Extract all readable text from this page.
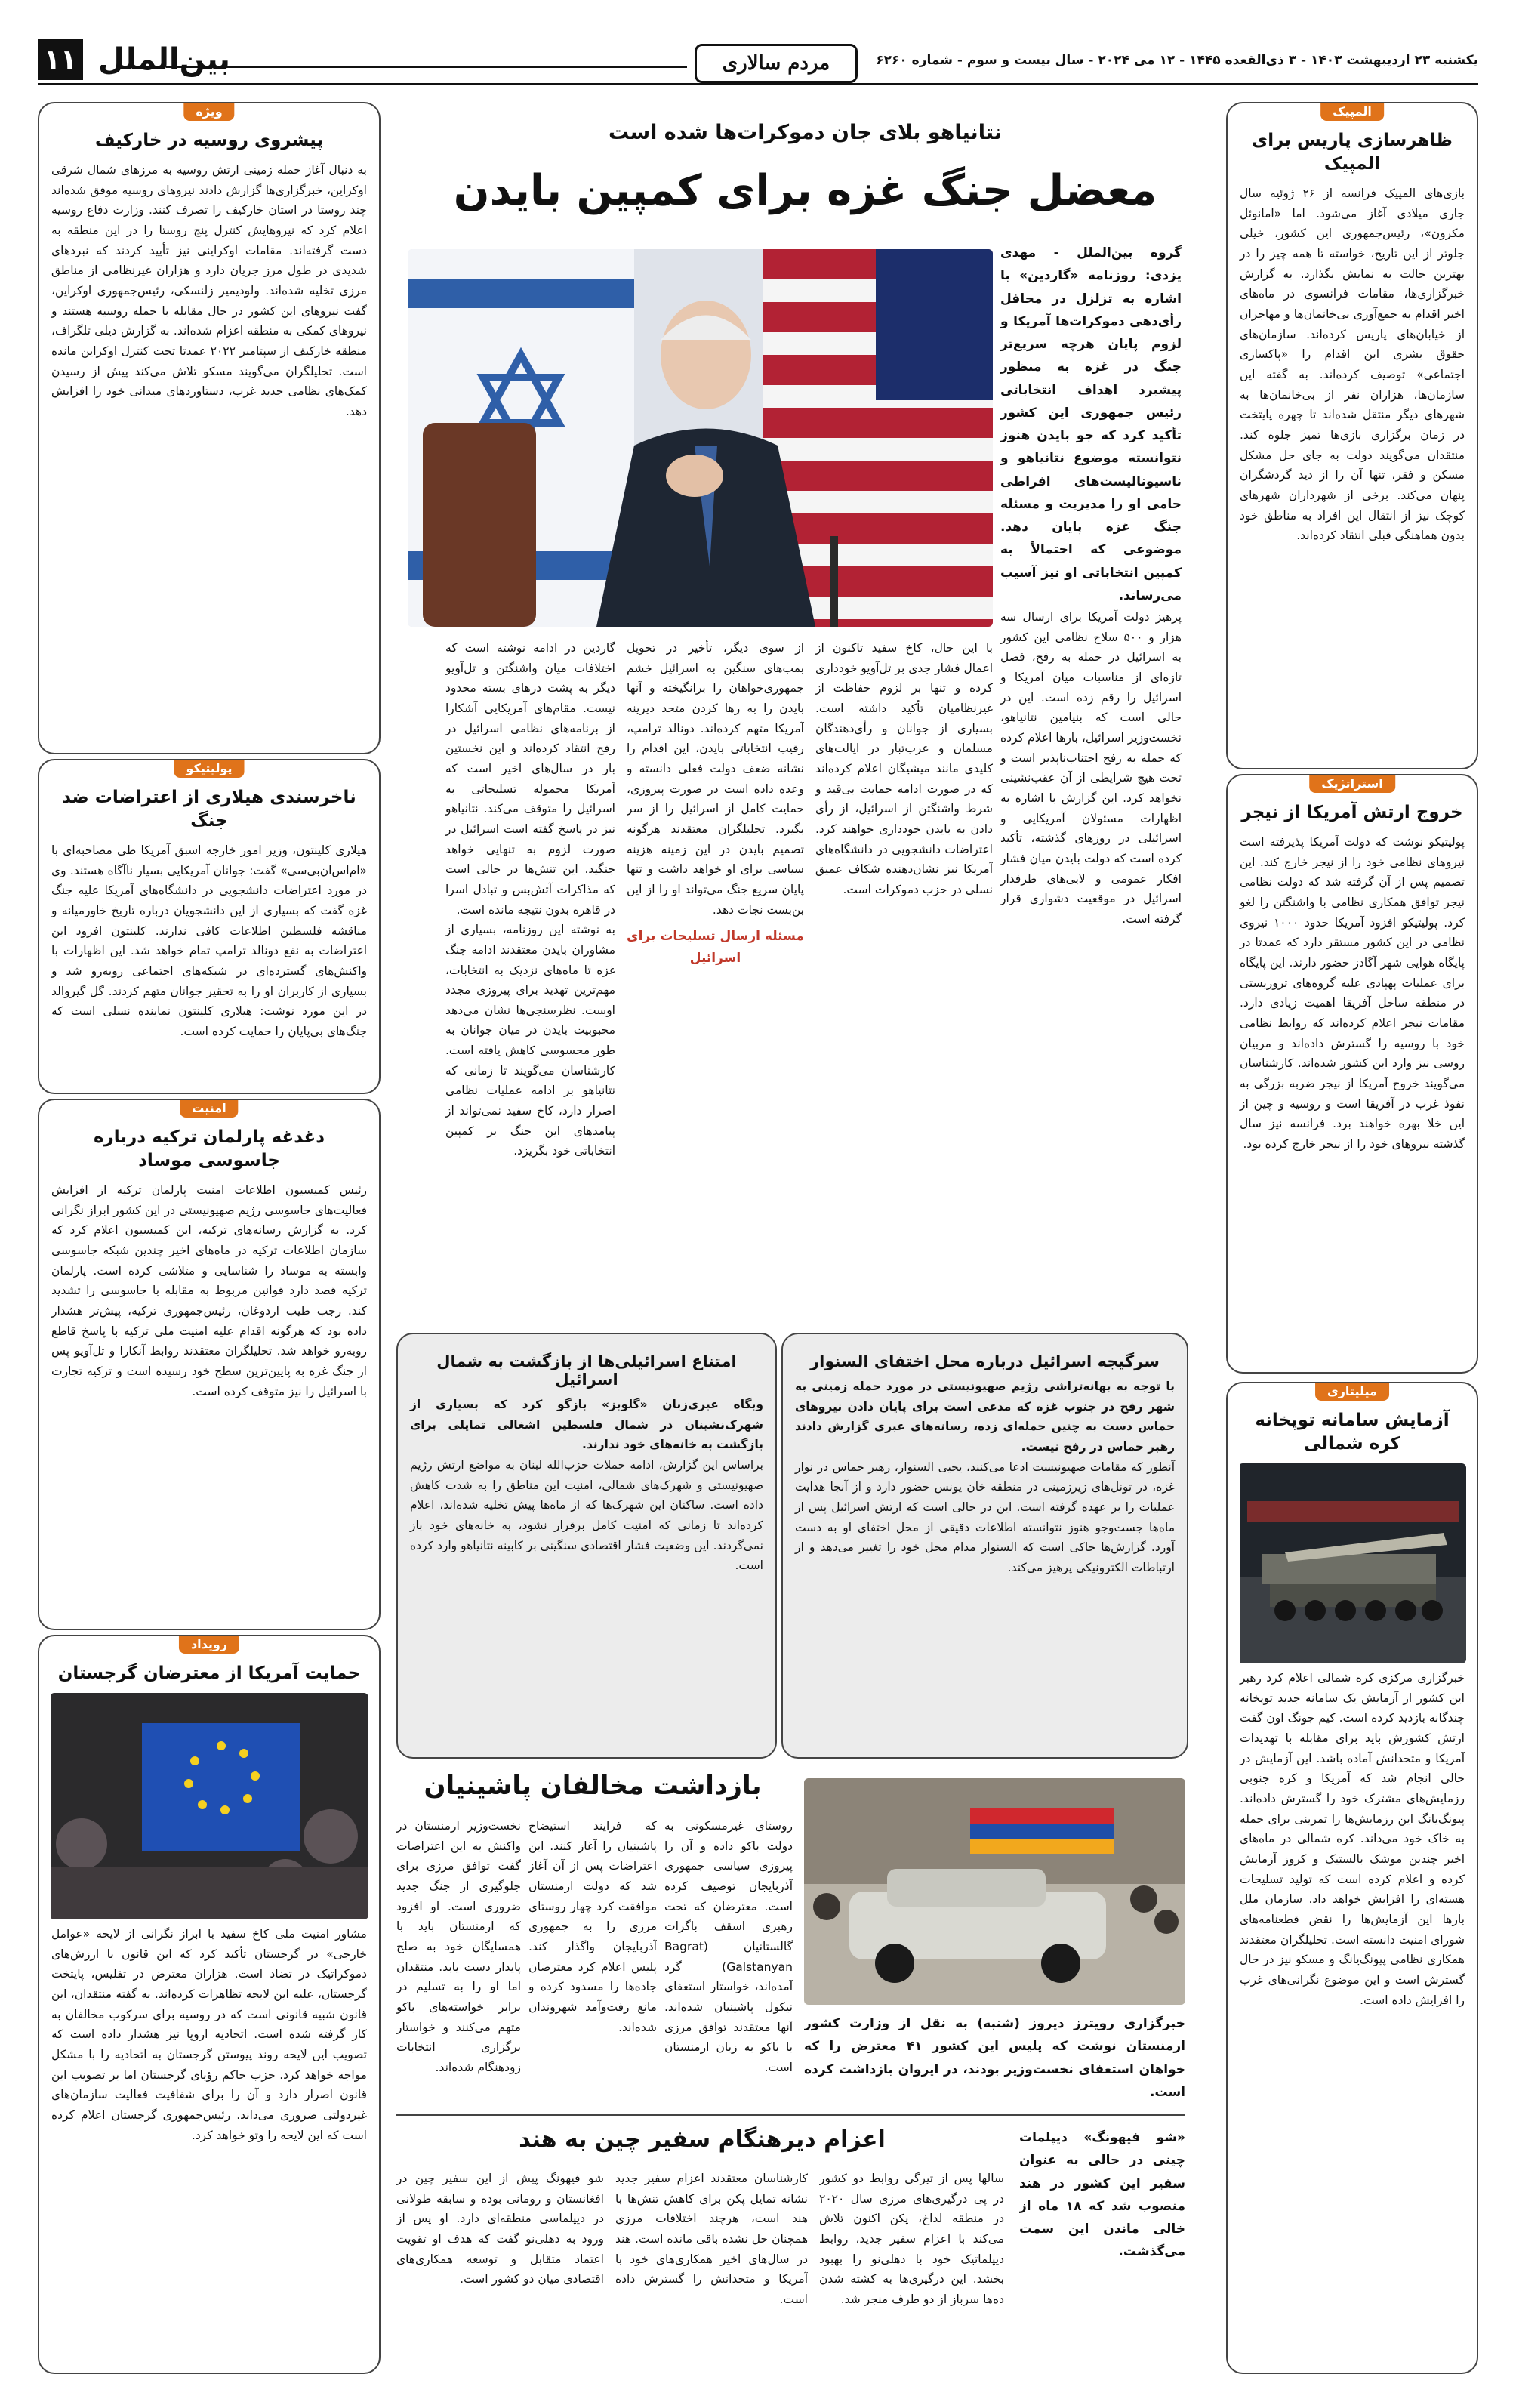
یکشنبه ۲۳ اردیبهشت ۱۴۰۳ - ۳ ذی‌القعده ۱۴۴۵ - ۱۲ می ۲۰۲۴ - سال بیست و سوم - شماره ۶۲۶۰
مردم سالاری
بین‌الملل
۱۱
المپیک
ظاهرسازی پاریس برای المپیک
بازی‌های المپیک فرانسه از ۲۶ ژوئیه سال جاری میلادی آغاز می‌شود. اما «امانوئل مکرون»، رئیس‌جمهوری این کشور، خیلی جلوتر از این تاریخ، خواسته تا همه چیز را در بهترین حالت به نمایش بگذارد. به گزارش خبرگزاری‌ها، مقامات فرانسوی در ماه‌های اخیر اقدام به جمع‌آوری بی‌خانمان‌ها و مهاجران از خیابان‌های پاریس کرده‌اند. سازمان‌های حقوق بشری این اقدام را «پاکسازی اجتماعی» توصیف کرده‌اند. به گفته این سازمان‌ها، هزاران نفر از بی‌خانمان‌ها به شهرهای دیگر منتقل شده‌اند تا چهره پایتخت در زمان برگزاری بازی‌ها تمیز جلوه کند. منتقدان می‌گویند دولت به جای حل مشکل مسکن و فقر، تنها آن را از دید گردشگران پنهان می‌کند. برخی از شهرداران شهرهای کوچک نیز از انتقال این افراد به مناطق خود بدون هماهنگی قبلی انتقاد کرده‌اند.
استراتژیک
خروج ارتش آمریکا از نیجر
پولیتیکو نوشت که دولت آمریکا پذیرفته است نیروهای نظامی خود را از نیجر خارج کند. این تصمیم پس از آن گرفته شد که دولت نظامی نیجر توافق همکاری نظامی با واشنگتن را لغو کرد. پولیتیکو افزود آمریکا حدود ۱۰۰۰ نیروی نظامی در این کشور مستقر دارد که عمدتا در پایگاه هوایی شهر آگادز حضور دارند. این پایگاه برای عملیات پهپادی علیه گروه‌های تروریستی در منطقه ساحل آفریقا اهمیت زیادی دارد. مقامات نیجر اعلام کرده‌اند که روابط نظامی خود با روسیه را گسترش داده‌اند و مربیان روسی نیز وارد این کشور شده‌اند. کارشناسان می‌گویند خروج آمریکا از نیجر ضربه بزرگی به نفوذ غرب در آفریقا است و روسیه و چین از این خلا بهره خواهند برد. فرانسه نیز سال گذشته نیروهای خود را از نیجر خارج کرده بود.
میلیتاری
آزمایش سامانه توپخانه کره شمالی
خبرگزاری مرکزی کره شمالی اعلام کرد رهبر این کشور از آزمایش یک سامانه جدید توپخانه چندگانه بازدید کرده است. کیم جونگ اون گفت ارتش کشورش باید برای مقابله با تهدیدات آمریکا و متحدانش آماده باشد. این آزمایش در حالی انجام شد که آمریکا و کره جنوبی رزمایش‌های مشترک خود را گسترش داده‌اند. پیونگ‌یانگ این رزمایش‌ها را تمرینی برای حمله به خاک خود می‌داند. کره شمالی در ماه‌های اخیر چندین موشک بالستیک و کروز آزمایش کرده و اعلام کرده است که تولید تسلیحات هسته‌ای را افزایش خواهد داد. سازمان ملل بارها این آزمایش‌ها را نقض قطعنامه‌های شورای امنیت دانسته است. تحلیلگران معتقدند همکاری نظامی پیونگ‌یانگ و مسکو نیز در حال گسترش است و این موضوع نگرانی‌های غرب را افزایش داده است.
نتانیاهو بلای جان دموکرات‌ها شده است
معضل جنگ غزه برای کمپین بایدن
گروه بین‌الملل - مهدی یزدی: روزنامه «گاردین» با اشاره به تزلزل در محافل رأی‌دهی دموکرات‌ها آمریکا و لزوم پایان هرچه سریع‌تر جنگ در غزه به منظور پیشبرد اهداف انتخاباتی رئیس جمهوری این کشور تأکید کرد که جو بایدن هنوز نتوانسته موضوع نتانیاهو و ناسیونالیست‌های افراطی حامی او را مدیریت و مسئله جنگ غزه پایان دهد. موضوعی که احتمالاً به کمپین انتخاباتی او نیز آسیب می‌رساند.
پرهیز دولت آمریکا برای ارسال سه هزار و ۵۰۰ سلاح نظامی این کشور به اسرائیل در حمله به رفح، فصل تازه‌ای از مناسبات میان آمریکا و اسرائیل را رقم زده است. این در حالی است که بنیامین نتانیاهو، نخست‌وزیر اسرائیل، بارها اعلام کرده که حمله به رفح اجتناب‌ناپذیر است و تحت هیچ شرایطی از آن عقب‌نشینی نخواهد کرد. این گزارش با اشاره به اظهارات مسئولان آمریکایی و اسرائیلی در روزهای گذشته، تأکید کرده است که دولت بایدن میان فشار افکار عمومی و لابی‌های طرفدار اسرائیل در موقعیت دشواری قرار گرفته است.
با این حال، کاخ سفید تاکنون از اعمال فشار جدی بر تل‌آویو خودداری کرده و تنها بر لزوم حفاظت از غیرنظامیان تأکید داشته است. بسیاری از جوانان و رأی‌دهندگان مسلمان و عرب‌تبار در ایالت‌های کلیدی مانند میشیگان اعلام کرده‌اند که در صورت ادامه حمایت بی‌قید و شرط واشنگتن از اسرائیل، از رأی دادن به بایدن خودداری خواهند کرد. اعتراضات دانشجویی در دانشگاه‌های آمریکا نیز نشان‌دهنده شکاف عمیق نسلی در حزب دموکرات است.
از سوی دیگر، تأخیر در تحویل بمب‌های سنگین به اسرائیل خشم جمهوری‌خواهان را برانگیخته و آنها بایدن را به رها کردن متحد دیرینه آمریکا متهم کرده‌اند. دونالد ترامپ، رقیب انتخاباتی بایدن، این اقدام را نشانه ضعف دولت فعلی دانسته و وعده داده است در صورت پیروزی، حمایت کامل از اسرائیل را از سر بگیرد. تحلیلگران معتقدند هرگونه تصمیم بایدن در این زمینه هزینه سیاسی برای او خواهد داشت و تنها پایان سریع جنگ می‌تواند او را از این بن‌بست نجات دهد.
مسئله ارسال تسلیحات برای اسرائیل
گاردین در ادامه نوشته است که اختلافات میان واشنگتن و تل‌آویو دیگر به پشت درهای بسته محدود نیست. مقام‌های آمریکایی آشکارا از برنامه‌های نظامی اسرائیل در رفح انتقاد کرده‌اند و این نخستین بار در سال‌های اخیر است که آمریکا محموله تسلیحاتی به اسرائیل را متوقف می‌کند. نتانیاهو نیز در پاسخ گفته است اسرائیل در صورت لزوم به تنهایی خواهد جنگید. این تنش‌ها در حالی است که مذاکرات آتش‌بس و تبادل اسرا در قاهره بدون نتیجه مانده است.
به نوشته این روزنامه، بسیاری از مشاوران بایدن معتقدند ادامه جنگ غزه تا ماه‌های نزدیک به انتخابات، مهم‌ترین تهدید برای پیروزی مجدد اوست. نظرسنجی‌ها نشان می‌دهد محبوبیت بایدن در میان جوانان به طور محسوسی کاهش یافته است. کارشناسان می‌گویند تا زمانی که نتانیاهو بر ادامه عملیات نظامی اصرار دارد، کاخ سفید نمی‌تواند از پیامدهای این جنگ بر کمپین انتخاباتی خود بگریزد.
سرگیجه اسرائیل درباره محل اختفای السنوار
با توجه به بهانه‌تراشی رژیم صهیونیستی در مورد حمله زمینی به شهر رفح در جنوب غزه که مدعی است برای پایان دادن نیروهای حماس دست به چنین حمله‌ای زده، رسانه‌های عبری گزارش دادند رهبر حماس در رفح نیست.
آنطور که مقامات صهیونیست ادعا می‌کنند، یحیی السنوار، رهبر حماس در نوار غزه، در تونل‌های زیرزمینی در منطقه خان یونس حضور دارد و از آنجا هدایت عملیات را بر عهده گرفته است. این در حالی است که ارتش اسرائیل پس از ماه‌ها جست‌وجو هنوز نتوانسته اطلاعات دقیقی از محل اختفای او به دست آورد. گزارش‌ها حاکی است که السنوار مدام محل خود را تغییر می‌دهد و از ارتباطات الکترونیکی پرهیز می‌کند.
امتناع اسرائیلی‌ها از بازگشت به شمال اسرائیل
وبگاه عبری‌زبان «گلوبز» بازگو کرد که بسیاری از شهرک‌نشینان در شمال فلسطین اشغالی تمایلی برای بازگشت به خانه‌های خود ندارند.
براساس این گزارش، ادامه حملات حزب‌الله لبنان به مواضع ارتش رژیم صهیونیستی و شهرک‌های شمالی، امنیت این مناطق را به شدت کاهش داده است. ساکنان این شهرک‌ها که از ماه‌ها پیش تخلیه شده‌اند، اعلام کرده‌اند تا زمانی که امنیت کامل برقرار نشود، به خانه‌های خود باز نمی‌گردند. این وضعیت فشار اقتصادی سنگینی بر کابینه نتانیاهو وارد کرده است.
بازداشت مخالفان پاشینیان
خبرگزاری رویترز دیروز (شنبه) به نقل از وزارت کشور ارمنستان نوشت که پلیس این کشور ۴۱ معترض را که خواهان استعفای نخست‌وزیر بودند، در ایروان بازداشت کرده است.
روستای غیرمسکونی به دولت باکو داده و آن را پیروزی سیاسی جمهوری آذربایجان توصیف کرده است. معترضان که تحت رهبری اسقف باگرات گالستانیان (Bagrat Galstanyan) گرد آمده‌اند، خواستار استعفای نیکول پاشینیان شده‌اند. آنها معتقدند توافق مرزی با باکو به زیان ارمنستان است.
که فرایند استیضاح پاشینیان را آغاز کنند. این اعتراضات پس از آن آغاز شد که دولت ارمنستان موافقت کرد چهار روستای مرزی را به جمهوری آذربایجان واگذار کند. پلیس اعلام کرد معترضان جاده‌ها را مسدود کرده و مانع رفت‌وآمد شهروندان شده‌اند.
نخست‌وزیر ارمنستان در واکنش به این اعتراضات گفت توافق مرزی برای جلوگیری از جنگ جدید ضروری است. او افزود که ارمنستان باید با همسایگان خود به صلح پایدار دست یابد. منتقدان اما او را به تسلیم در برابر خواسته‌های باکو متهم می‌کنند و خواستار برگزاری انتخابات زودهنگام شده‌اند.
اعزام دیرهنگام سفیر چین به هند	«شو فیهونگ» دیپلمات چینی در حالی به عنوان سفیر این کشور در هند منصوب شد که ۱۸ ماه از خالی ماندن این سمت می‌گذشت.
سالها پس از تیرگی روابط دو کشور در پی درگیری‌های مرزی سال ۲۰۲۰ در منطقه لداخ، پکن اکنون تلاش می‌کند با اعزام سفیر جدید، روابط دیپلماتیک خود با دهلی‌نو را بهبود بخشد. این درگیری‌ها به کشته شدن ده‌ها سرباز از دو طرف منجر شد.
کارشناسان معتقدند اعزام سفیر جدید نشانه تمایل پکن برای کاهش تنش‌ها با هند است، هرچند اختلافات مرزی همچنان حل نشده باقی مانده است. هند در سال‌های اخیر همکاری‌های خود با آمریکا و متحدانش را گسترش داده است.
شو فیهونگ پیش از این سفیر چین در افغانستان و رومانی بوده و سابقه طولانی در دیپلماسی منطقه‌ای دارد. او پس از ورود به دهلی‌نو گفت که هدف او تقویت اعتماد متقابل و توسعه همکاری‌های اقتصادی میان دو کشور است.
ویژه
پیشروی روسیه در خارکیف
به دنبال آغاز حمله زمینی ارتش روسیه به مرزهای شمال شرقی اوکراین، خبرگزاری‌ها گزارش دادند نیروهای روسیه موفق شده‌اند چند روستا در استان خارکیف را تصرف کنند. وزارت دفاع روسیه اعلام کرد که نیروهایش کنترل پنج روستا را در این منطقه به دست گرفته‌اند. مقامات اوکراینی نیز تأیید کردند که نبردهای شدیدی در طول مرز جریان دارد و هزاران غیرنظامی از مناطق مرزی تخلیه شده‌اند. ولودیمیر زلنسکی، رئیس‌جمهوری اوکراین، گفت نیروهای این کشور در حال مقابله با حمله روسیه هستند و نیروهای کمکی به منطقه اعزام شده‌اند. به گزارش دیلی تلگراف، منطقه خارکیف از سپتامبر ۲۰۲۲ عمدتا تحت کنترل اوکراین مانده است. تحلیلگران می‌گویند مسکو تلاش می‌کند پیش از رسیدن کمک‌های نظامی جدید غرب، دستاوردهای میدانی خود را افزایش دهد.
پولیتیکو
ناخرسندی هیلاری از اعتراضات ضد جنگ
هیلاری کلینتون، وزیر امور خارجه اسبق آمریکا طی مصاحبه‌ای با «ام‌اس‌ان‌بی‌سی» گفت: جوانان آمریکایی بسیار ناآگاه هستند. وی در مورد اعتراضات دانشجویی در دانشگاه‌های آمریکا علیه جنگ غزه گفت که بسیاری از این دانشجویان درباره تاریخ خاورمیانه و مناقشه فلسطین اطلاعات کافی ندارند. کلینتون افزود این اعتراضات به نفع دونالد ترامپ تمام خواهد شد. این اظهارات با واکنش‌های گسترده‌ای در شبکه‌های اجتماعی روبه‌رو شد و بسیاری از کاربران او را به تحقیر جوانان متهم کردند. گل گیروالد در این مورد نوشت: هیلاری کلینتون نماینده نسلی است که جنگ‌های بی‌پایان را حمایت کرده است.
امنیت
دغدغه پارلمان ترکیه درباره جاسوسی موساد
رئیس کمیسیون اطلاعات امنیت پارلمان ترکیه از افزایش فعالیت‌های جاسوسی رژیم صهیونیستی در این کشور ابراز نگرانی کرد. به گزارش رسانه‌های ترکیه، این کمیسیون اعلام کرد که سازمان اطلاعات ترکیه در ماه‌های اخیر چندین شبکه جاسوسی وابسته به موساد را شناسایی و متلاشی کرده است. پارلمان ترکیه قصد دارد قوانین مربوط به مقابله با جاسوسی را تشدید کند. رجب طیب اردوغان، رئیس‌جمهوری ترکیه، پیش‌تر هشدار داده بود که هرگونه اقدام علیه امنیت ملی ترکیه با پاسخ قاطع روبه‌رو خواهد شد. تحلیلگران معتقدند روابط آنکارا و تل‌آویو پس از جنگ غزه به پایین‌ترین سطح خود رسیده است و ترکیه تجارت با اسرائیل را نیز متوقف کرده است.
رویداد
حمایت آمریکا از معترضان گرجستان
مشاور امنیت ملی کاخ سفید با ابراز نگرانی از لایحه «عوامل خارجی» در گرجستان تأکید کرد که این قانون با ارزش‌های دموکراتیک در تضاد است. هزاران معترض در تفلیس، پایتخت گرجستان، علیه این لایحه تظاهرات کرده‌اند. به گفته منتقدان، این قانون شبیه قانونی است که در روسیه برای سرکوب مخالفان به کار گرفته شده است. اتحادیه اروپا نیز هشدار داده است که تصویب این لایحه روند پیوستن گرجستان به اتحادیه را با مشکل مواجه خواهد کرد. حزب حاکم رؤیای گرجستان اما بر تصویب این قانون اصرار دارد و آن را برای شفافیت فعالیت سازمان‌های غیردولتی ضروری می‌داند. رئیس‌جمهوری گرجستان اعلام کرده است که این لایحه را وتو خواهد کرد.
